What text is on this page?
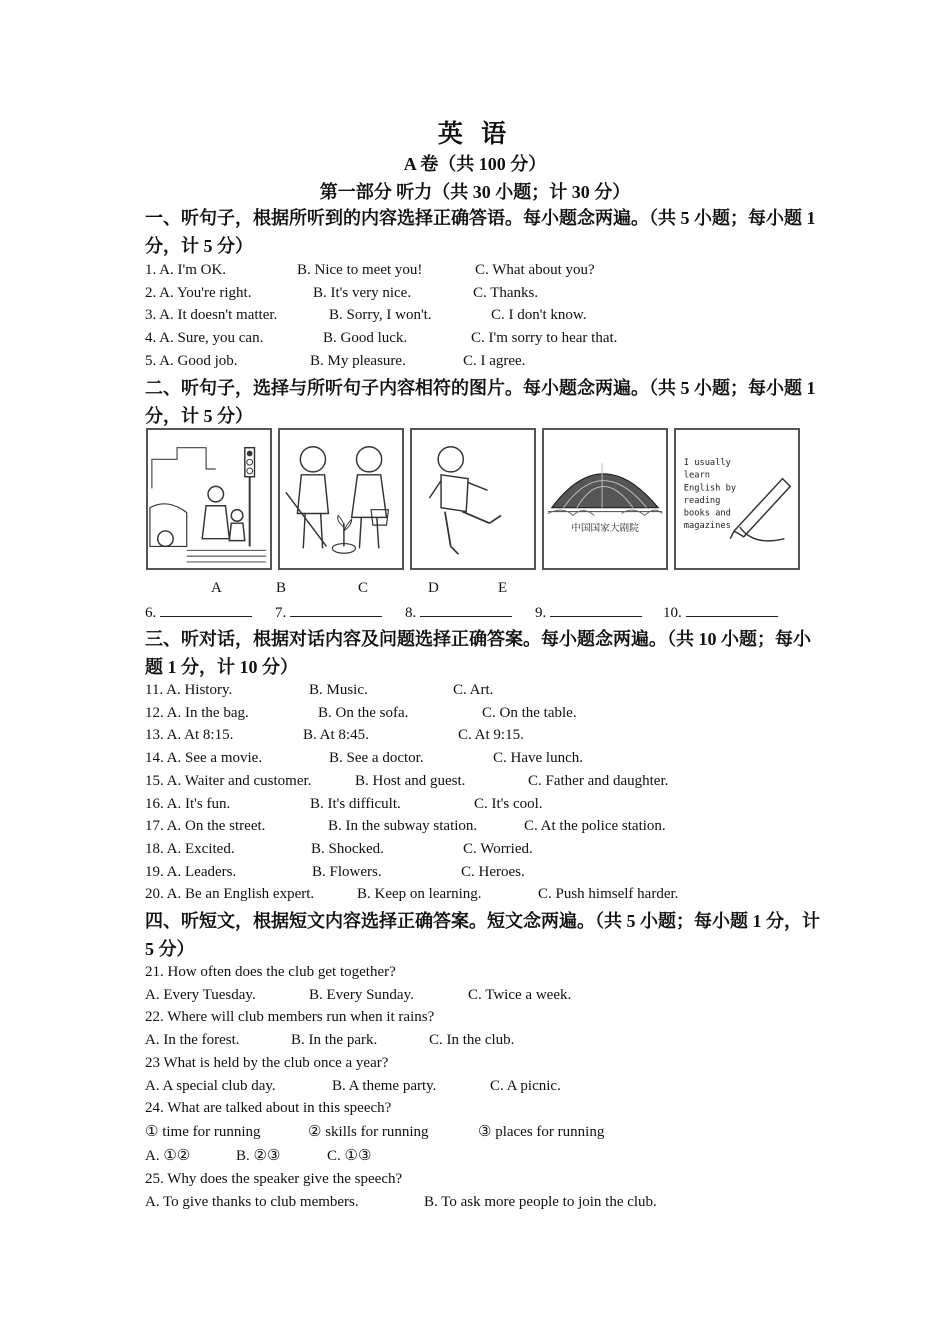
英 语
A 卷（共 100 分）
第一部分 听力（共 30 小题；计 30 分）
一、听句子，根据所听到的内容选择正确答语。每小题念两遍。（共 5 小题；每小题 1 分，计 5 分）
1. A. I'm OK.	B. Nice to meet you!	C. What about you?
2. A. You're right.	B. It's very nice.	C. Thanks.
3. A. It doesn't matter.	B. Sorry, I won't.	C. I don't know.
4. A. Sure, you can.	B. Good luck.	C. I'm sorry to hear that.
5. A. Good job.	B. My pleasure.	C. I agree.
二、听句子，选择与所听句子内容相符的图片。每小题念两遍。（共 5 小题；每小题 1 分，计 5 分）
中国国家大剧院
I usually
learn
English by
reading
books and
magazines
A	B	C	D	E
6.	7.	8.	9.	10.
三、听对话，根据对话内容及问题选择正确答案。每小题念两遍。（共 10 小题；每小题 1 分，计 10 分）
11. A. History.	B. Music.	C. Art.
12. A. In the bag.	B. On the sofa.	C. On the table.
13. A. At 8:15.	B. At 8:45.	C. At 9:15.
14. A. See a movie.	B. See a doctor.	C. Have lunch.
15. A. Waiter and customer.	B. Host and guest.	C. Father and daughter.
16. A. It's fun.	B. It's difficult.	C. It's cool.
17. A. On the street.	B. In the subway station.	C. At the police station.
18. A. Excited.	B. Shocked.	C. Worried.
19. A. Leaders.	B. Flowers.	C. Heroes.
20. A. Be an English expert.	B. Keep on learning.	C. Push himself harder.
四、听短文，根据短文内容选择正确答案。短文念两遍。（共 5 小题；每小题 1 分，计 5 分）
21. How often does the club get together?
A. Every Tuesday.	B. Every Sunday.	C. Twice a week.
22. Where will club members run when it rains?
A. In the forest.	B. In the park.	C. In the club.
23 What is held by the club once a year?
A. A special club day.	B. A theme party.	C. A picnic.
24. What are talked about in this speech?
① time for running	② skills for running	③ places for running
A. ①②	B. ②③	C. ①③
25. Why does the speaker give the speech?
A. To give thanks to club members.	B. To ask more people to join the club.
